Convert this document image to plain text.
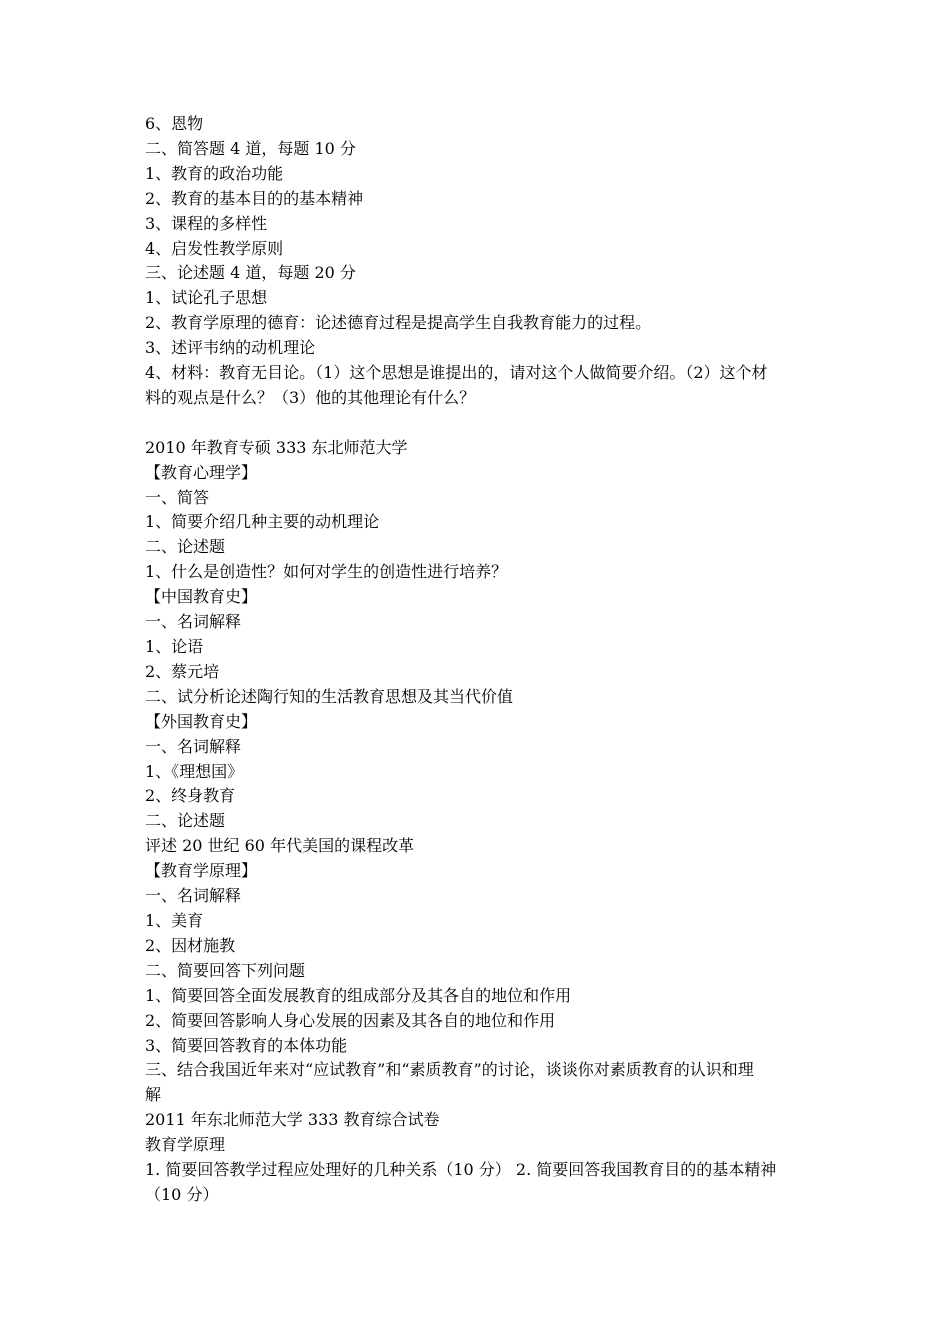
6、恩物
二、简答题 4 道，每题 10 分
1、教育的政治功能
2、教育的基本目的的基本精神
3、课程的多样性
4、启发性教学原则
三、论述题 4 道，每题 20 分
1、试论孔子思想
2、教育学原理的德育：论述德育过程是提高学生自我教育能力的过程。
3、述评韦纳的动机理论
4、材料：教育无目论。（1）这个思想是谁提出的，请对这个人做简要介绍。（2）这个材
料的观点是什么？（3）他的其他理论有什么？
2010 年教育专硕 333 东北师范大学
【教育心理学】
一、简答
1、简要介绍几种主要的动机理论
二、论述题
1、什么是创造性？如何对学生的创造性进行培养？
【中国教育史】
一、名词解释
1、论语
2、蔡元培
二、试分析论述陶行知的生活教育思想及其当代价值
【外国教育史】
一、名词解释
1、《理想国》
2、终身教育
二、论述题
评述 20 世纪 60 年代美国的课程改革
【教育学原理】
一、名词解释
1、美育
2、因材施教
二、简要回答下列问题
1、简要回答全面发展教育的组成部分及其各自的地位和作用
2、简要回答影响人身心发展的因素及其各自的地位和作用
3、简要回答教育的本体功能
三、结合我国近年来对“应试教育”和“素质教育”的讨论，谈谈你对素质教育的认识和理
解
2011 年东北师范大学 333 教育综合试卷
教育学原理
1. 简要回答教学过程应处理好的几种关系（10 分） 2. 简要回答我国教育目的的基本精神
（10 分）
